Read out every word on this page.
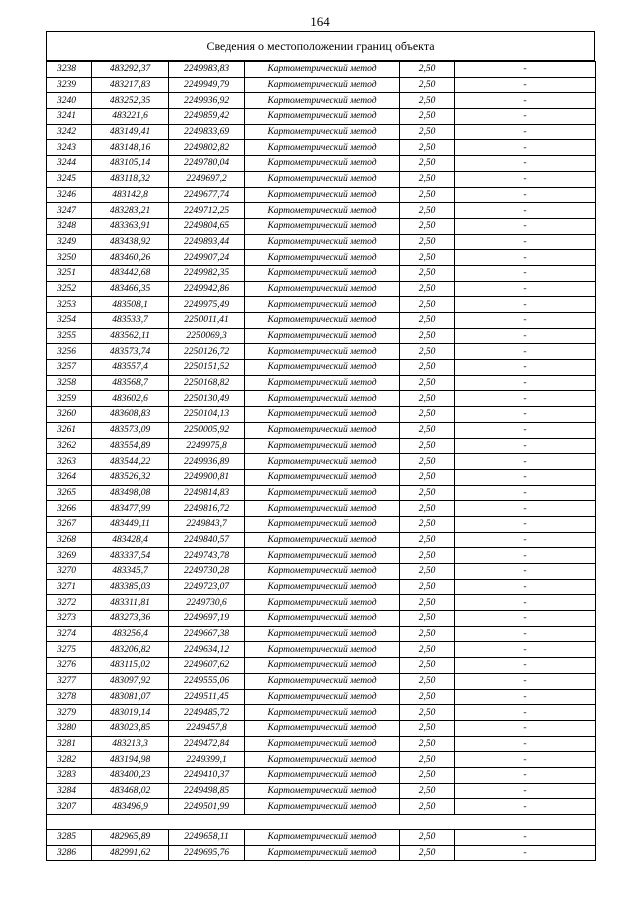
164
Сведения о местоположении границ объекта
3238	483292,37	2249983,83	Картометрический метод	2,50	-
3239	483217,83	2249949,79	Картометрический метод	2,50	-
3240	483252,35	2249936,92	Картометрический метод	2,50	-
3241	483221,6	2249859,42	Картометрический метод	2,50	-
3242	483149,41	2249833,69	Картометрический метод	2,50	-
3243	483148,16	2249802,82	Картометрический метод	2,50	-
3244	483105,14	2249780,04	Картометрический метод	2,50	-
3245	483118,32	2249697,2	Картометрический метод	2,50	-
3246	483142,8	2249677,74	Картометрический метод	2,50	-
3247	483283,21	2249712,25	Картометрический метод	2,50	-
3248	483363,91	2249804,65	Картометрический метод	2,50	-
3249	483438,92	2249893,44	Картометрический метод	2,50	-
3250	483460,26	2249907,24	Картометрический метод	2,50	-
3251	483442,68	2249982,35	Картометрический метод	2,50	-
3252	483466,35	2249942,86	Картометрический метод	2,50	-
3253	483508,1	2249975,49	Картометрический метод	2,50	-
3254	483533,7	2250011,41	Картометрический метод	2,50	-
3255	483562,11	2250069,3	Картометрический метод	2,50	-
3256	483573,74	2250126,72	Картометрический метод	2,50	-
3257	483557,4	2250151,52	Картометрический метод	2,50	-
3258	483568,7	2250168,82	Картометрический метод	2,50	-
3259	483602,6	2250130,49	Картометрический метод	2,50	-
3260	483608,83	2250104,13	Картометрический метод	2,50	-
3261	483573,09	2250005,92	Картометрический метод	2,50	-
3262	483554,89	2249975,8	Картометрический метод	2,50	-
3263	483544,22	2249936,89	Картометрический метод	2,50	-
3264	483526,32	2249900,81	Картометрический метод	2,50	-
3265	483498,08	2249814,83	Картометрический метод	2,50	-
3266	483477,99	2249816,72	Картометрический метод	2,50	-
3267	483449,11	2249843,7	Картометрический метод	2,50	-
3268	483428,4	2249840,57	Картометрический метод	2,50	-
3269	483337,54	2249743,78	Картометрический метод	2,50	-
3270	483345,7	2249730,28	Картометрический метод	2,50	-
3271	483385,03	2249723,07	Картометрический метод	2,50	-
3272	483311,81	2249730,6	Картометрический метод	2,50	-
3273	483273,36	2249697,19	Картометрический метод	2,50	-
3274	483256,4	2249667,38	Картометрический метод	2,50	-
3275	483206,82	2249634,12	Картометрический метод	2,50	-
3276	483115,02	2249607,62	Картометрический метод	2,50	-
3277	483097,92	2249555,06	Картометрический метод	2,50	-
3278	483081,07	2249511,45	Картометрический метод	2,50	-
3279	483019,14	2249485,72	Картометрический метод	2,50	-
3280	483023,85	2249457,8	Картометрический метод	2,50	-
3281	483213,3	2249472,84	Картометрический метод	2,50	-
3282	483194,98	2249399,1	Картометрический метод	2,50	-
3283	483400,23	2249410,37	Картометрический метод	2,50	-
3284	483468,02	2249498,85	Картометрический метод	2,50	-
3207	483496,9	2249501,99	Картометрический метод	2,50	-

3285	482965,89	2249658,11	Картометрический метод	2,50	-
3286	482991,62	2249695,76	Картометрический метод	2,50	-
